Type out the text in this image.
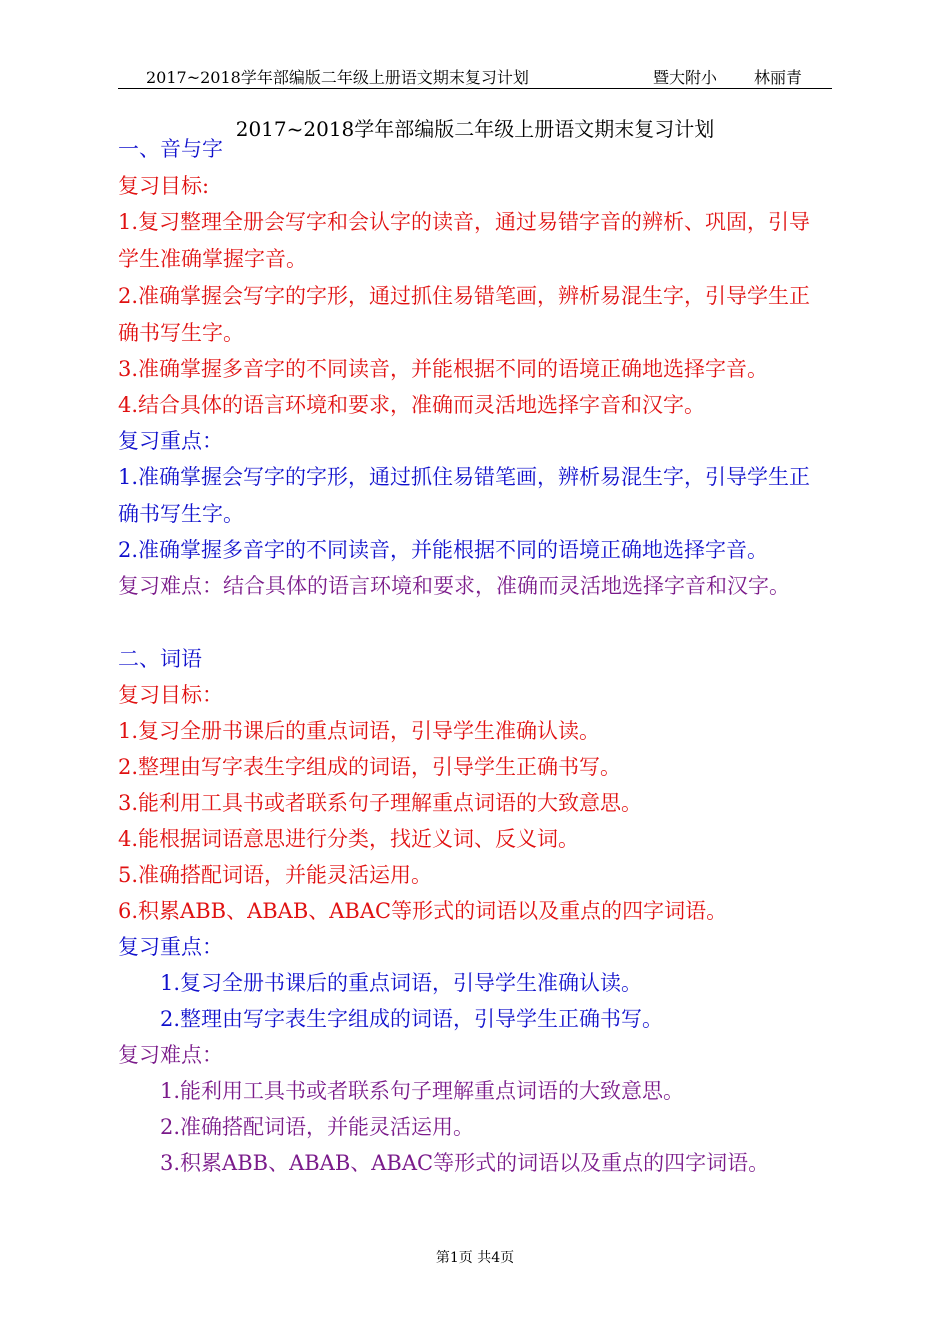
2017~2018学年部编版二年级上册语文期末复习计划	暨大附小 林丽青
2017~2018学年部编版二年级上册语文期末复习计划
一、音与字
复习目标:
1.复习整理全册会写字和会认字的读音，通过易错字音的辨析、巩固，引导
学生准确掌握字音。
2.准确掌握会写字的字形，通过抓住易错笔画，辨析易混生字，引导学生正
确书写生字。
3.准确掌握多音字的不同读音，并能根据不同的语境正确地选择字音。
4.结合具体的语言环境和要求，准确而灵活地选择字音和汉字。
复习重点：
1.准确掌握会写字的字形，通过抓住易错笔画，辨析易混生字，引导学生正
确书写生字。
2.准确掌握多音字的不同读音，并能根据不同的语境正确地选择字音。
复习难点：结合具体的语言环境和要求，准确而灵活地选择字音和汉字。
二、词语
复习目标：
1.复习全册书课后的重点词语，引导学生准确认读。
2.整理由写字表生字组成的词语，引导学生正确书写。
3.能利用工具书或者联系句子理解重点词语的大致意思。
4.能根据词语意思进行分类，找近义词、反义词。
5.准确搭配词语，并能灵活运用。
6.积累ABB、ABAB、ABAC等形式的词语以及重点的四字词语。
复习重点：
1.复习全册书课后的重点词语，引导学生准确认读。
2.整理由写字表生字组成的词语，引导学生正确书写。
复习难点：
1.能利用工具书或者联系句子理解重点词语的大致意思。
2.准确搭配词语，并能灵活运用。
3.积累ABB、ABAB、ABAC等形式的词语以及重点的四字词语。
第1页 共4页
